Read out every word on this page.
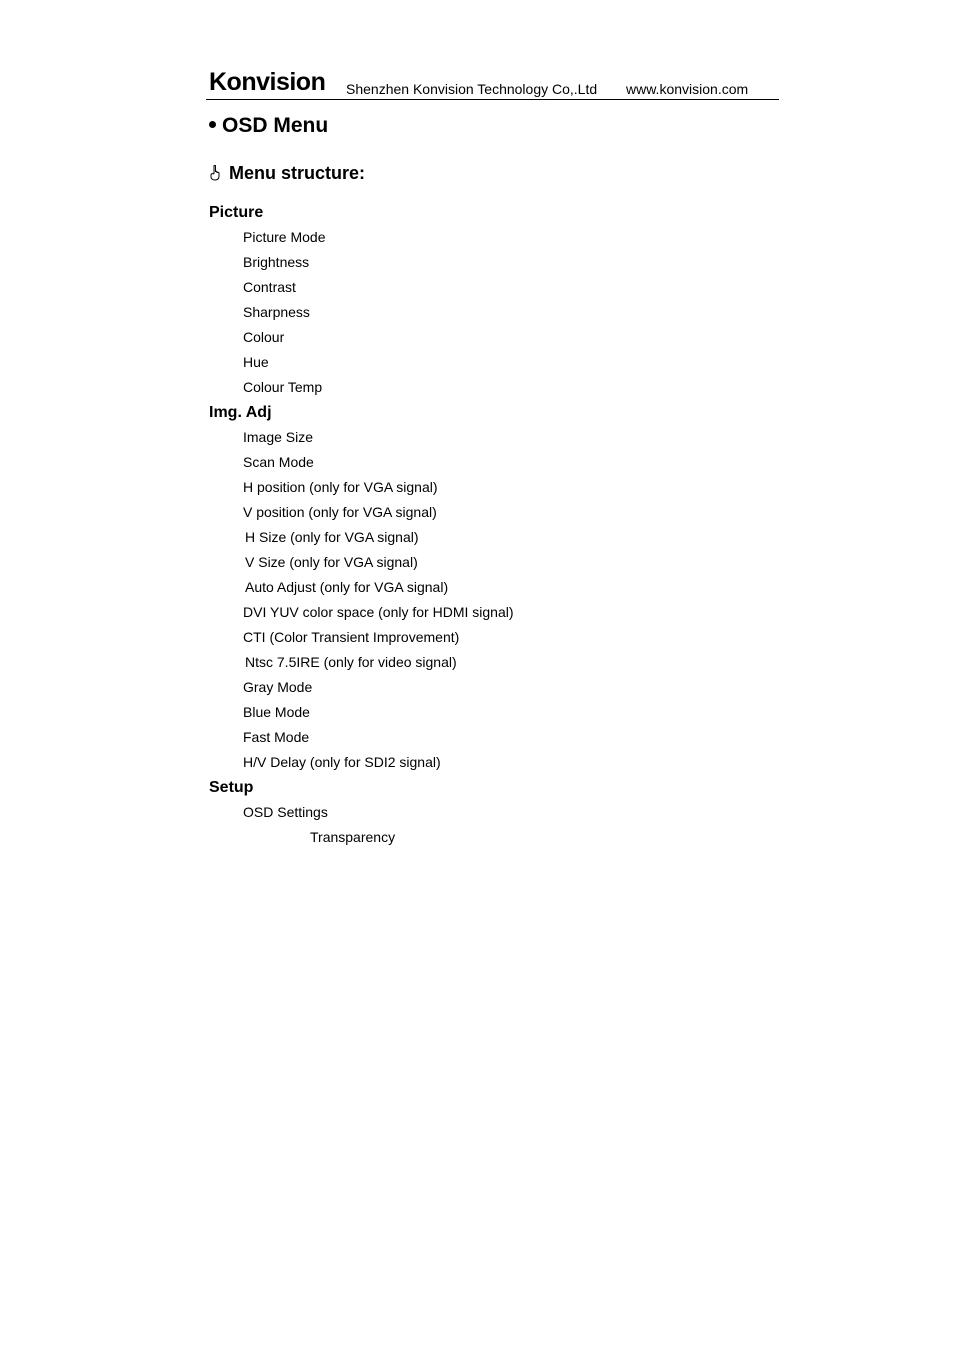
Konvision Shenzhen Konvision Technology Co,.Ltd www.konvision.com
OSD Menu
Menu structure:
Picture
Picture Mode
Brightness
Contrast
Sharpness
Colour
Hue
Colour Temp
Img. Adj
Image Size
Scan Mode
H position (only for VGA signal)
V position (only for VGA signal)
H Size (only for VGA signal)
V Size (only for VGA signal)
Auto Adjust (only for VGA signal)
DVI YUV color space (only for HDMI signal)
CTI (Color Transient Improvement)
Ntsc 7.5IRE (only for video signal)
Gray Mode
Blue Mode
Fast Mode
H/V Delay (only for SDI2 signal)
Setup
OSD Settings
Transparency
